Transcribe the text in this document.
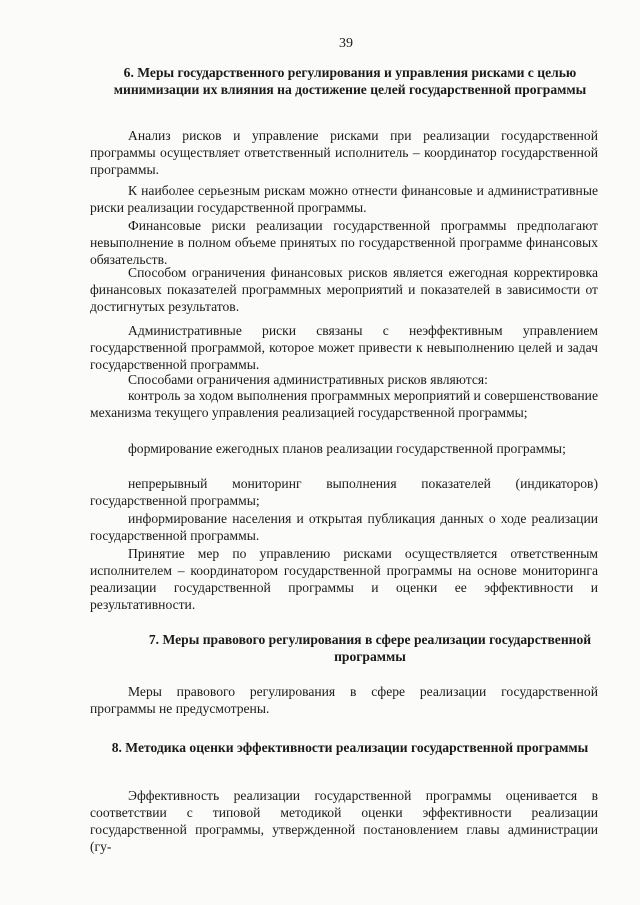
39
6. Меры государственного регулирования и управления рисками с целью минимизации их влияния на достижение целей государственной программы

Анализ рисков и управление рисками при реализации государственной программы осуществляет ответственный исполнитель – координатор государственной программы.

К наиболее серьезным рискам можно отнести финансовые и административные риски реализации государственной программы.

Финансовые риски реализации государственной программы предполагают невыполнение в полном объеме принятых по государственной программе финансовых обязательств.

Способом ограничения финансовых рисков является ежегодная корректировка финансовых показателей программных мероприятий и показателей в зависимости от достигнутых результатов.

Административные риски связаны с неэффективным управлением государственной программой, которое может привести к невыполнению целей и задач государственной программы.

Способами ограничения административных рисков являются:

контроль за ходом выполнения программных мероприятий и совершенствование механизма текущего управления реализацией государственной программы;

формирование ежегодных планов реализации государственной программы;

непрерывный мониторинг выполнения показателей (индикаторов) государственной программы;

информирование населения и открытая публикация данных о ходе реализации государственной программы.

Принятие мер по управлению рисками осуществляется ответственным исполнителем – координатором государственной программы на основе мониторинга реализации государственной программы и оценки ее эффективности и результативности.

7. Меры правового регулирования в сфере реализации государственной программы

Меры правового регулирования в сфере реализации государственной программы не предусмотрены.

8. Методика оценки эффективности реализации государственной программы

Эффективность реализации государственной программы оценивается в соответствии с типовой методикой оценки эффективности реализации государственной программы, утвержденной постановлением главы администрации (гу-
